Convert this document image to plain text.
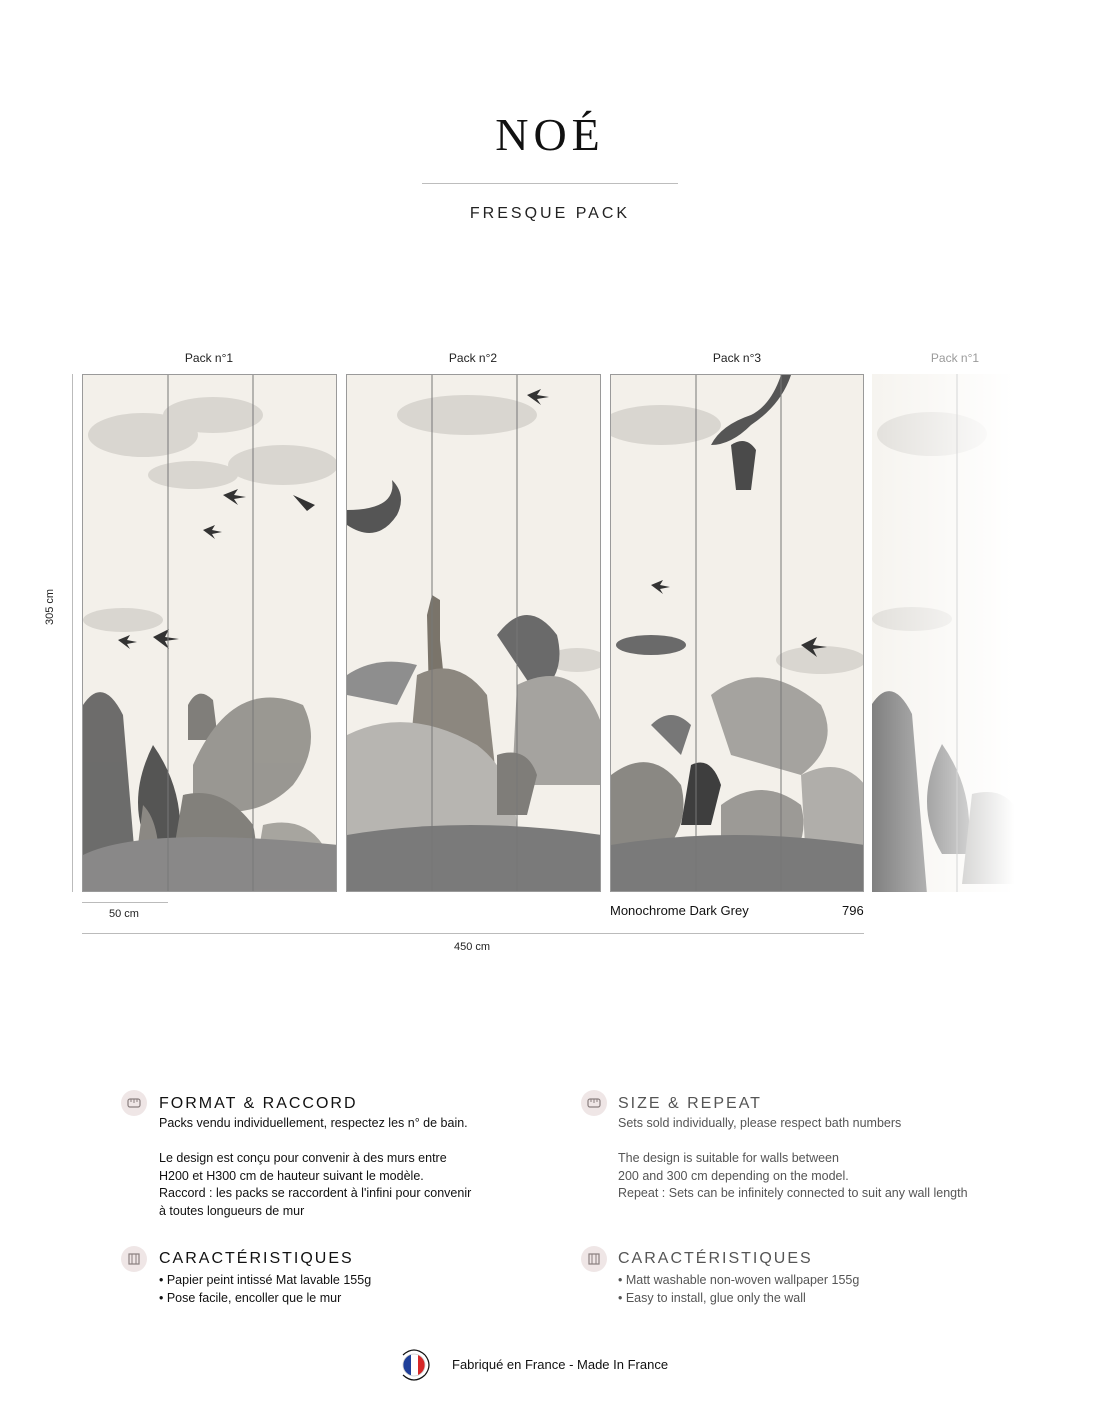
NOÉ
FRESQUE PACK
Pack n°1	Pack n°2	Pack n°3	Pack n°1
305 cm
50 cm	Monochrome Dark Grey	796
450 cm
FORMAT & RACCORD

Packs vendu individuellement, respectez les n° de bain.

Le design est conçu pour convenir à des murs entre

H200 et H300 cm de hauteur suivant le modèle.

Raccord : les packs se raccordent à l'infini pour convenir

à toutes longueurs de mur

SIZE & REPEAT

Sets sold individually, please respect bath numbers

The design is suitable for walls between

200 and 300 cm depending on the model.

Repeat : Sets can be infinitely connected to suit any wall length

CARACTÉRISTIQUES

• Papier peint intissé Mat lavable 155g

• Pose facile, encoller que le mur

CARACTÉRISTIQUES

• Matt washable non-woven wallpaper 155g

• Easy to install, glue only the wall

Fabriqué en France - Made In France
